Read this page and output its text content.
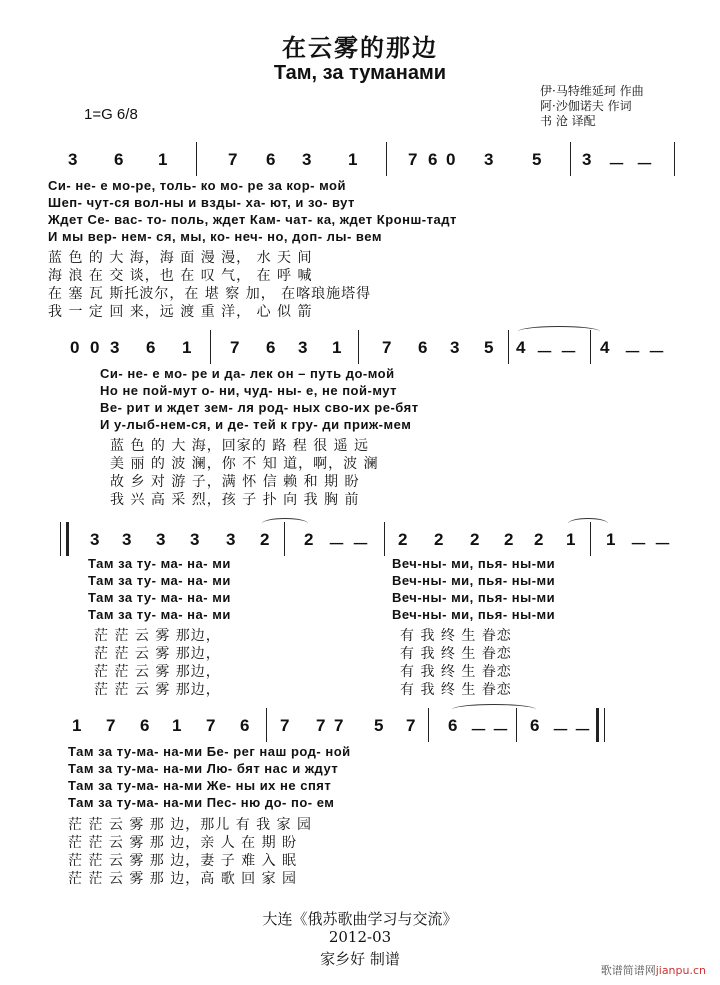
在云雾的那边
Там, за туманами
1=G 6/8
伊·马特维延珂 作曲
阿·沙伽诺夫 作词
书 沧 译配
3 6 1	7 6 3 1	7 6 0 3 5 3 － －
Си- не- е мо-ре, толь- ко мо- ре за кор- мой
Шеп- чут-ся вол-ны и взды- ха- ют, и зо- вут
Ждет Се- вас- то- поль, ждет Кам- чат- ка, ждет Кронш-тадт
И мы вер- нем- ся, мы, ко- неч- но, доп- лы- вем
蓝 色 的 大 海，海 面 漫 漫， 水 天 间
海 浪 在 交 谈，也 在 叹 气， 在 呼 喊
在 塞 瓦 斯托波尔，在 堪 察 加， 在喀琅施塔得
我 一 定 回 来，远 渡 重 洋， 心 似 箭
0 0 3 6 1 7 6 3 1 7 6 3 5 4 － － 4 － －
Си- не- е мо- ре и да- лек он – путь до-мой
Но не пой-мут о- ни, чуд- ны- е, не пой-мут
Ве- рит и ждет зем- ля род- ных сво-их ре-бят
И у-лыб-нем-ся, и де- тей к гру- ди приж-мем
蓝 色 的 大 海，回家的 路 程 很 遥 远
美 丽 的 波 澜，你 不 知 道，啊，波 澜
故 乡 对 游 子，满 怀 信 赖 和 期 盼
我 兴 高 采 烈，孩 子 扑 向 我 胸 前
3 3 3 3 3 2 2 － － 2 2 2 2 2 1 1 － －
Там за ту- ма- на- ми
Там за ту- ма- на- ми
Там за ту- ма- на- ми
Там за ту- ма- на- ми
Веч-ны- ми, пья- ны-ми
Веч-ны- ми, пья- ны-ми
Веч-ны- ми, пья- ны-ми
Веч-ны- ми, пья- ны-ми
茫 茫 云 雾 那边，
茫 茫 云 雾 那边，
茫 茫 云 雾 那边，
茫 茫 云 雾 那边，
有 我 终 生 眷恋
有 我 终 生 眷恋
有 我 终 生 眷恋
有 我 终 生 眷恋
1 7 6 1 7 6 7 7 7 5 7 6 － － 6 － －
Там за ту-ма- на-ми Бе- рег наш род- ной
Там за ту-ма- на-ми Лю- бят нас и ждут
Там за ту-ма- на-ми Же- ны их не спят
Там за ту-ма- на-ми Пес- ню до- по- ем
茫 茫 云 雾 那 边，那儿 有 我 家 园
茫 茫 云 雾 那 边，亲 人 在 期 盼
茫 茫 云 雾 那 边，妻 子 难 入 眠
茫 茫 云 雾 那 边，高 歌 回 家 园
大连《俄苏歌曲学习与交流》
2012-03
家乡好 制谱
歌谱简谱网jianpu.cn
